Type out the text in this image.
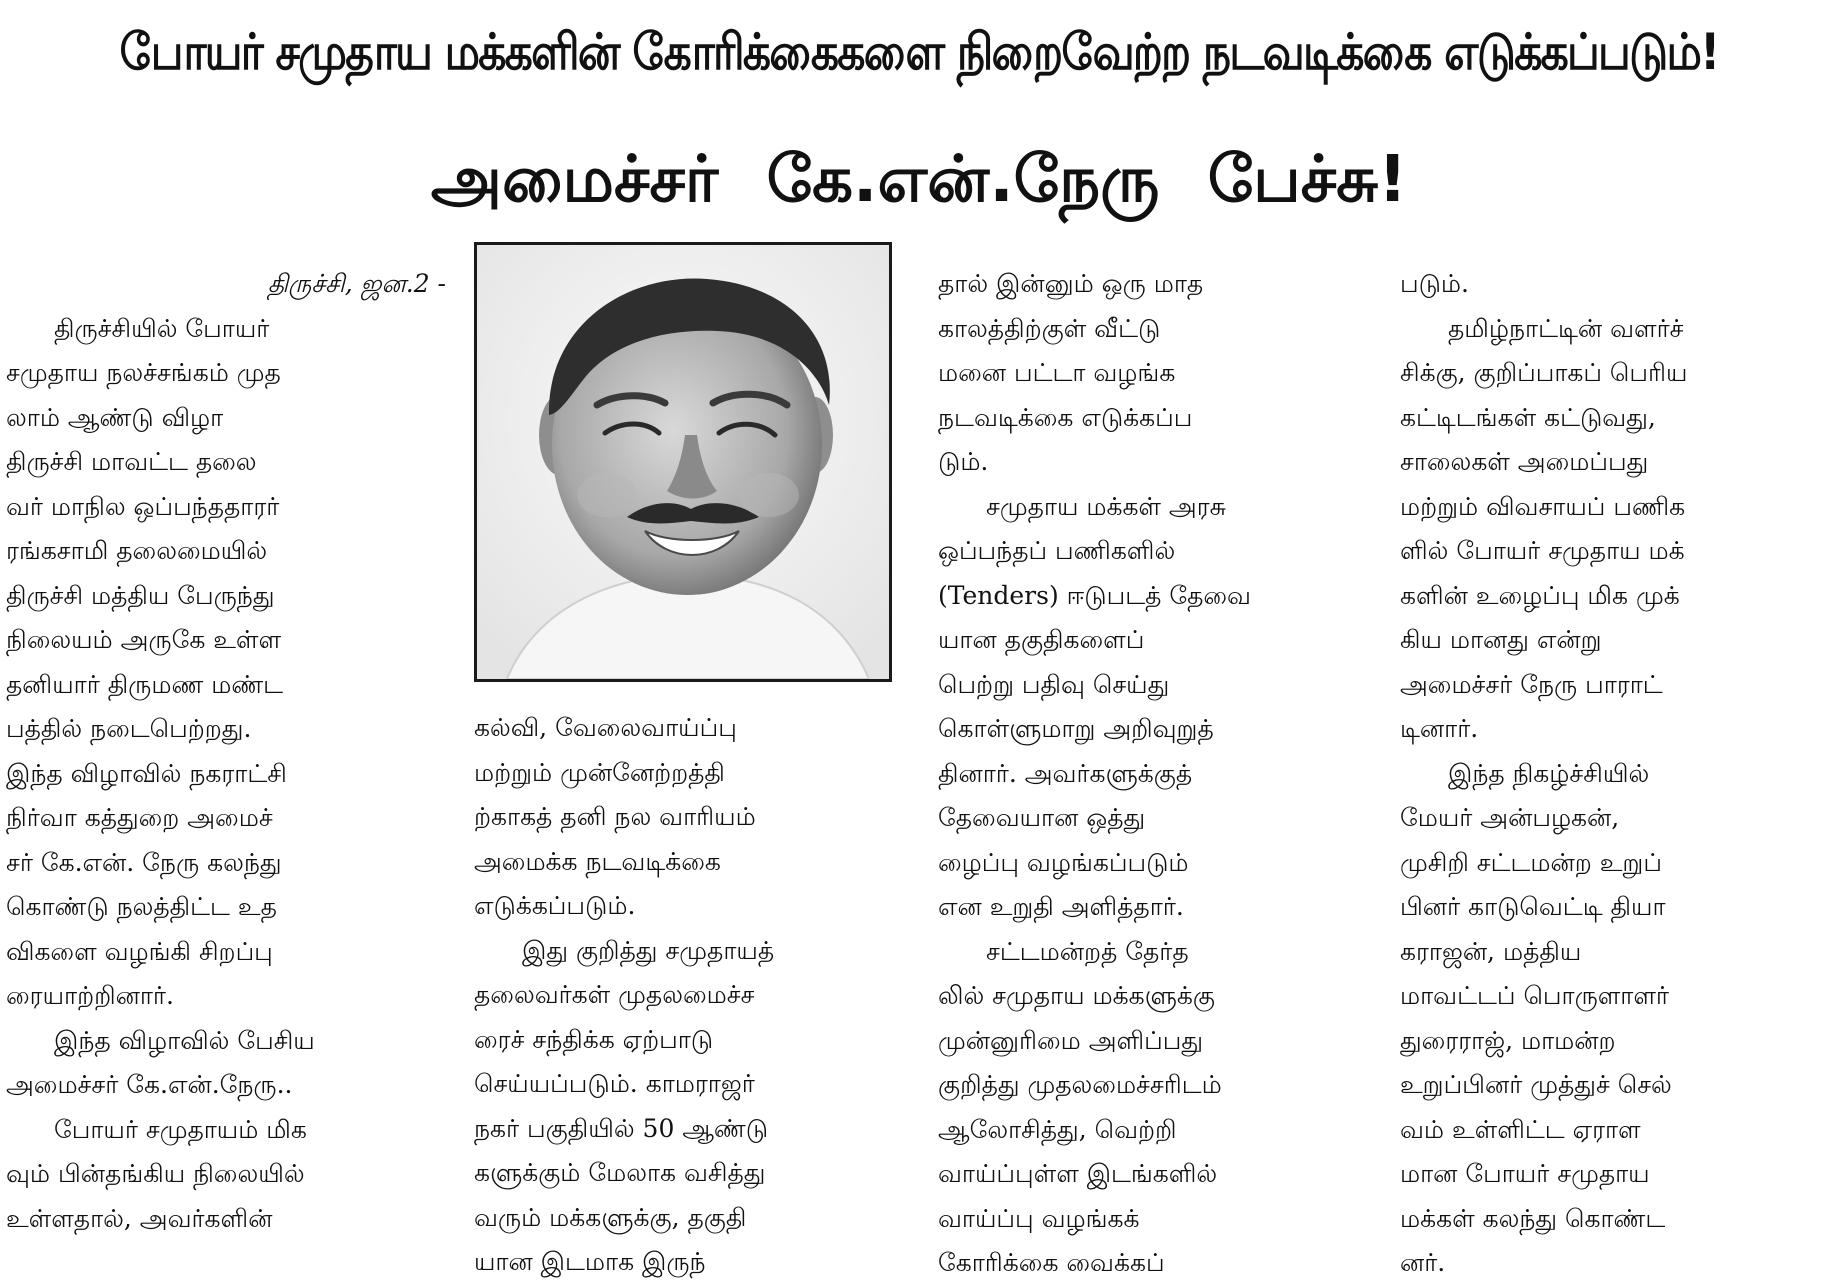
போயர் சமுதாய மக்களின் கோரிக்கைகளை நிறைவேற்ற நடவடிக்கை எடுக்கப்படும்!
அமைச்சர் கே.என்.நேரு பேச்சு!
திருச்சி, ஜன.2 -
திருச்சியில் போயர்
சமுதாய நலச்சங்கம் முத
லாம் ஆண்டு விழா
திருச்சி மாவட்ட தலை
வர் மாநில ஒப்பந்ததாரர்
ரங்கசாமி தலைமையில்
திருச்சி மத்திய பேருந்து
நிலையம் அருகே உள்ள
தனியார் திருமண மண்ட
பத்தில் நடைபெற்றது.
இந்த விழாவில் நகராட்சி
நிர்வா கத்துறை அமைச்
சர் கே.என். நேரு கலந்து
கொண்டு நலத்திட்ட உத
விகளை வழங்கி சிறப்பு
ரையாற்றினார்.
இந்த விழாவில் பேசிய
அமைச்சர் கே.என்.நேரு..
போயர் சமுதாயம் மிக
வும் பின்தங்கிய நிலையில்
உள்ளதால், அவர்களின்
கல்வி, வேலைவாய்ப்பு
மற்றும் முன்னேற்றத்தி
ற்காகத் தனி நல வாரியம்
அமைக்க நடவடிக்கை
எடுக்கப்படும்.
இது குறித்து சமுதாயத்
தலைவர்கள் முதலமைச்ச
ரைச் சந்திக்க ஏற்பாடு
செய்யப்படும். காமராஜர்
நகர் பகுதியில் 50 ஆண்டு
களுக்கும் மேலாக வசித்து
வரும் மக்களுக்கு, தகுதி
யான இடமாக இருந்
தால் இன்னும் ஒரு மாத
காலத்திற்குள் வீட்டு
மனை பட்டா வழங்க
நடவடிக்கை எடுக்கப்ப
டும்.
சமுதாய மக்கள் அரசு
ஒப்பந்தப் பணிகளில்
(Tenders) ஈடுபடத் தேவை
யான தகுதிகளைப்
பெற்று பதிவு செய்து
கொள்ளுமாறு அறிவுறுத்
தினார். அவர்களுக்குத்
தேவையான ஒத்து
ழைப்பு வழங்கப்படும்
என உறுதி அளித்தார்.
சட்டமன்றத் தேர்த
லில் சமுதாய மக்களுக்கு
முன்னுரிமை அளிப்பது
குறித்து முதலமைச்சரிடம்
ஆலோசித்து, வெற்றி
வாய்ப்புள்ள இடங்களில்
வாய்ப்பு வழங்கக்
கோரிக்கை வைக்கப்
படும்.
தமிழ்நாட்டின் வளர்ச்
சிக்கு, குறிப்பாகப் பெரிய
கட்டிடங்கள் கட்டுவது,
சாலைகள் அமைப்பது
மற்றும் விவசாயப் பணிக
ளில் போயர் சமுதாய மக்
களின் உழைப்பு மிக முக்
கிய மானது என்று
அமைச்சர் நேரு பாராட்
டினார்.
இந்த நிகழ்ச்சியில்
மேயர் அன்பழகன்,
முசிறி சட்டமன்ற உறுப்
பினர் காடுவெட்டி தியா
கராஜன், மத்திய
மாவட்டப் பொருளாளர்
துரைராஜ், மாமன்ற
உறுப்பினர் முத்துச் செல்
வம் உள்ளிட்ட ஏராள
மான போயர் சமுதாய
மக்கள் கலந்து கொண்ட
னர்.
